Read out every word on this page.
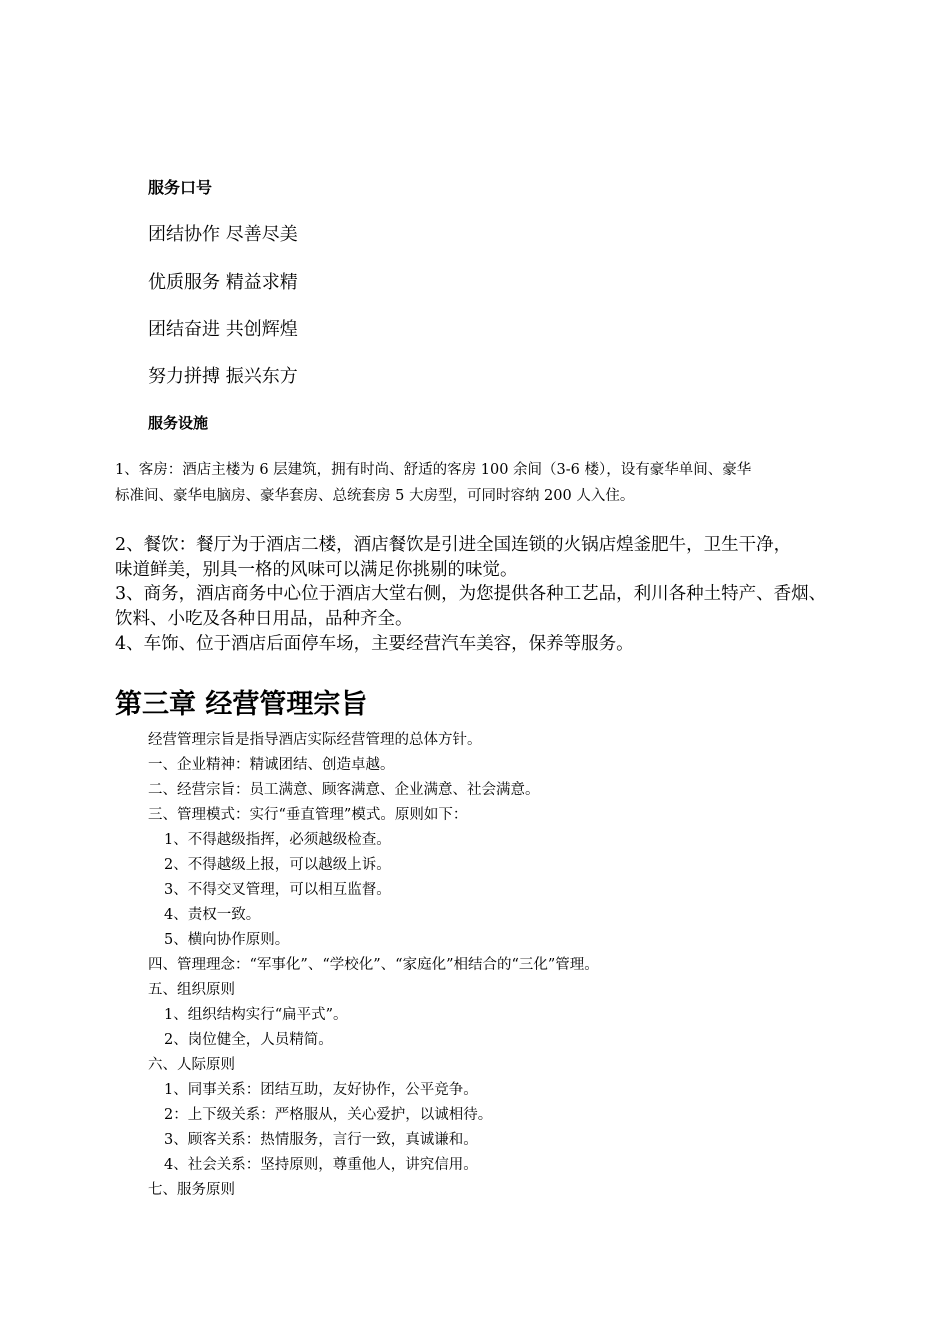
服务口号
团结协作 尽善尽美
优质服务 精益求精
团结奋进 共创辉煌
努力拼搏 振兴东方
服务设施
1、客房：酒店主楼为 6 层建筑，拥有时尚、舒适的客房 100 余间（3-6 楼），设有豪华单间、豪华
标准间、豪华电脑房、豪华套房、总统套房 5 大房型，可同时容纳 200 人入住。
2、餐饮：餐厅为于酒店二楼，酒店餐饮是引进全国连锁的火锅店煌釜肥牛，卫生干净，
味道鲜美，别具一格的风味可以满足你挑剔的味觉。
3、商务，酒店商务中心位于酒店大堂右侧，为您提供各种工艺品，利川各种土特产、香烟、
饮料、小吃及各种日用品，品种齐全。
4、车饰、位于酒店后面停车场，主要经营汽车美容，保养等服务。
第三章 经营管理宗旨
经营管理宗旨是指导酒店实际经营管理的总体方针。
一、企业精神：精诚团结、创造卓越。
二、经营宗旨：员工满意、顾客满意、企业满意、社会满意。
三、管理模式：实行“垂直管理”模式。原则如下：
1、不得越级指挥，必须越级检查。
2、不得越级上报，可以越级上诉。
3、不得交叉管理，可以相互监督。
4、责权一致。
5、横向协作原则。
四、管理理念：“军事化”、“学校化”、“家庭化”相结合的“三化”管理。
五、组织原则
1、组织结构实行“扁平式”。
2、岗位健全，人员精简。
六、人际原则
1、同事关系：团结互助，友好协作，公平竞争。
2：上下级关系：严格服从，关心爱护，以诚相待。
3、顾客关系：热情服务，言行一致，真诚谦和。
4、社会关系：坚持原则，尊重他人，讲究信用。
七、服务原则
